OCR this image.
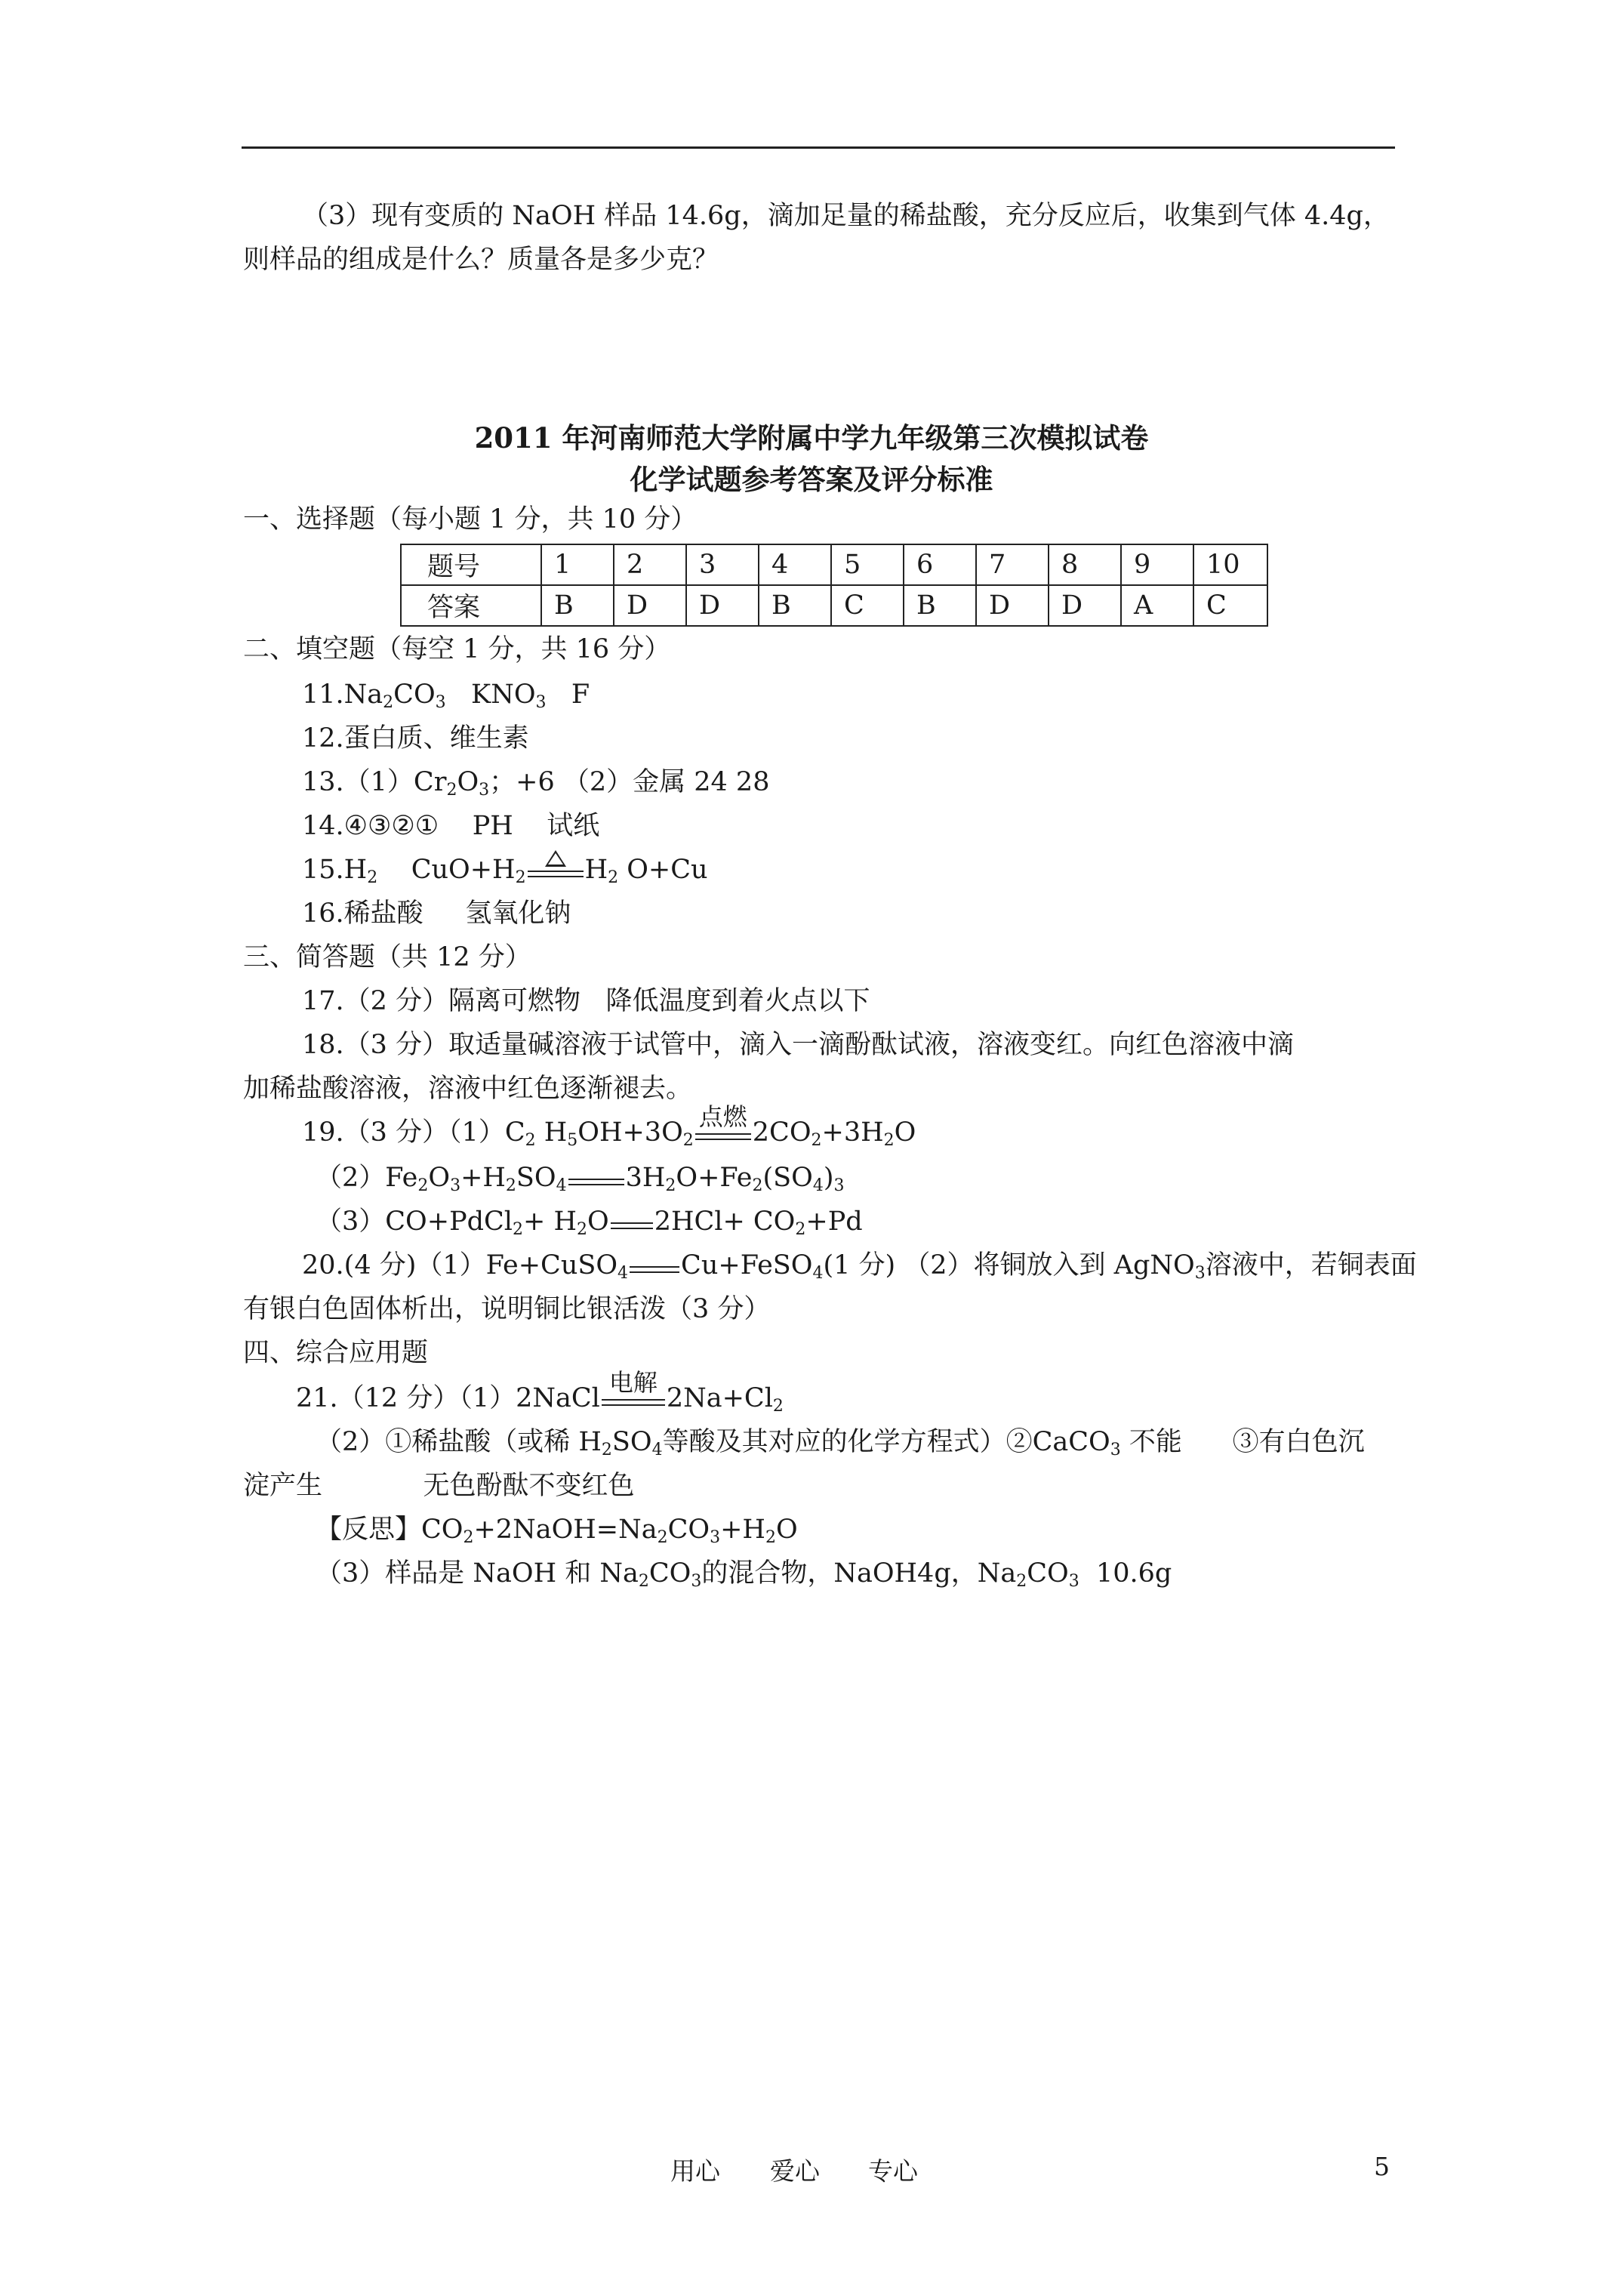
（3）现有变质的 NaOH 样品 14.6g，滴加足量的稀盐酸，充分反应后，收集到气体 4.4g，
则样品的组成是什么？质量各是多少克？
2011 年河南师范大学附属中学九年级第三次模拟试卷
化学试题参考答案及评分标准
一、选择题（每小题 1 分，共 10 分）
题号	1	2	3	4	5	6	7	8	9	10
答案	B	D	D	B	C	B	D	D	A	C
二、填空题（每空 1 分，共 16 分）
$11.Na_2CO_3$ $KNO_3$ F
12.蛋白质、维生素
$13.(1)Cr_2O_3$；+6 （2）金属 24 28
14.④③②① PH 试纸
$15.H_2$ $CuO+H_2$ $H_2$ O+Cu
16.稀盐酸 氢氧化钠
三、简答题（共 12 分）
17.（2 分）隔离可燃物 降低温度到着火点以下
18.（3 分）取适量碱溶液于试管中，滴入一滴酚酞试液，溶液变红。向红色溶液中滴
加稀盐酸溶液，溶液中红色逐渐褪去。
19.（3 分）$(1)C_2$ $H_5OH+3O_2$
点燃
$2CO_2+3H_2O$
$(2)Fe_2O_3+H_2SO_4$ $3H_2O+Fe_2(SO_4)_3$
（3）CO+PdCl$_2$+ $H_2O$ $2HCl+ CO_2+Pd$
20.(4 分)（1）Fe+CuSO$_4$ Cu+FeSO$_4$(1 分) （2）将铜放入到 AgNO$_3$溶液中，若铜表面
有银白色固体析出，说明铜比银活泼（3 分）
四、综合应用题
21.（12 分）（1）2NaCl
电解
$2Na+Cl_2$
（2）①稀盐酸（或稀 $H_2SO_4$等酸及其对应的化学方程式）②CaCO$_3$ 不能 ③有白色沉
淀产生	无色酚酞不变红色
【反思】$CO_2+2NaOH=Na_2CO_3+H_2O$
（3）样品是 NaOH 和 $Na_2CO_3$的混合物，NaOH4g，$Na_2CO_3$ 10.6g
用心 爱心 专心	5
